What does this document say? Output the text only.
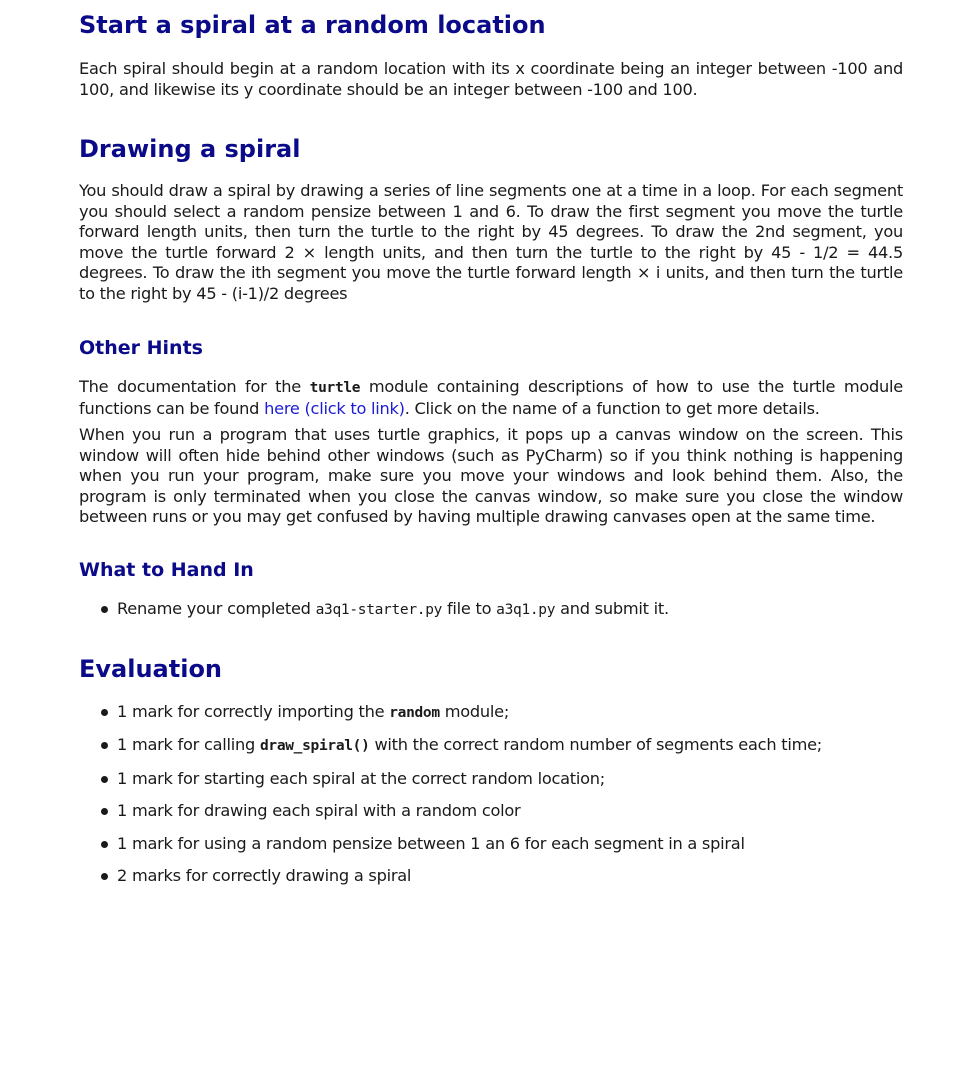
Start a spiral at a random location

Each spiral should begin at a random location with its x coordinate being an integer between -100 and 100, and likewise its y coordinate should be an integer between -100 and 100.

Drawing a spiral

You should draw a spiral by drawing a series of line segments one at a time in a loop. For each segment you should select a random pensize between 1 and 6. To draw the first segment you move the turtle forward length units, then turn the turtle to the right by 45 degrees. To draw the 2nd segment, you move the turtle forward 2 × length units, and then turn the turtle to the right by 45 - 1/2 = 44.5 degrees. To draw the ith segment you move the turtle forward length × i units, and then turn the turtle to the right by 45 - (i-1)/2 degrees

Other Hints

The documentation for the turtle module containing descriptions of how to use the turtle module functions can be found here (click to link). Click on the name of a function to get more details.

When you run a program that uses turtle graphics, it pops up a canvas window on the screen. This window will often hide behind other windows (such as PyCharm) so if you think nothing is happening when you run your program, make sure you move your windows and look behind them. Also, the program is only terminated when you close the canvas window, so make sure you close the window between runs or you may get confused by having multiple drawing canvases open at the same time.

What to Hand In
Rename your completed a3q1-starter.py file to a3q1.py and submit it.
Evaluation
1 mark for correctly importing the random module;
1 mark for calling draw_spiral() with the correct random number of segments each time;
1 mark for starting each spiral at the correct random location;
1 mark for drawing each spiral with a random color
1 mark for using a random pensize between 1 an 6 for each segment in a spiral
2 marks for correctly drawing a spiral
